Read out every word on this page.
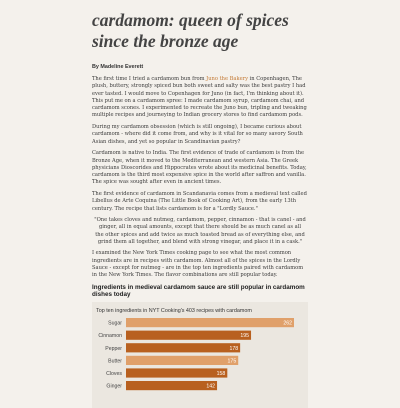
cardamom: queen of spices since the bronze age
By Madeline Everett

The first time I tried a cardamom bun from Juno the Bakery in Copenhagen, The plush, buttery, strongly spiced bun both sweet and salty was the best pastry I had ever tasted. I would move to Copenhagen for Juno (in fact, I'm thinking about it). This put me on a cardamom spree: I made cardamom syrup, cardamom chai, and cardamom scones. I experimented to recreate the Juno bun, tripling and tweaking multiple recipes and journeying to Indian grocery stores to find cardamom pods.

During my cardamom obsession (which is still ongoing), I became curious about cardamom - where did it come from, and why is it vital for so many savory South Asian dishes, and yet so popular in Scandinavian pastry?

Cardamom is native to India. The first evidence of trade of cardamom is from the Bronze Age, when it moved to the Mediterranean and western Asia. The Greek physicians Dioscorides and Hippocrates wrote about its medicinal benefits. Today, cardamom is the third most expensive spice in the world after saffron and vanilla. The spice was sought after even in ancient times.

The first evidence of cardamom in Scandanavia comes from a medieval text called Libellus de Arte Coquina (The Little Book of Cooking Art), from the early 13th century. The recipe that lists cardamom is for a "Lordly Sauce."

"One takes cloves and nutmeg, cardamom, pepper, cinnamon - that is canel - and ginger, all in equal amounts, except that there should be as much canel as all the other spices and add twice as much toasted bread as of everything else, and grind them all together, and blend with strong vinegar, and place it in a cask."

I examined the New York Times cooking page to see what the most common ingredients are in recipes with cardamom. Almost all of the spices in the Lordly Sauce - except for nutmeg - are in the top ten ingredients paired with cardamom in the New York Times. The flavor combinations are still popular today.

Ingredients in medieval cardamom sauce are still popular in cardamom dishes today
Top ten ingredients in NYT Cooking's 403 recipes with cardamom
Sugar	262
Cinnamon	195
Pepper	178
Butter	175
Cloves	158
Ginger	142
